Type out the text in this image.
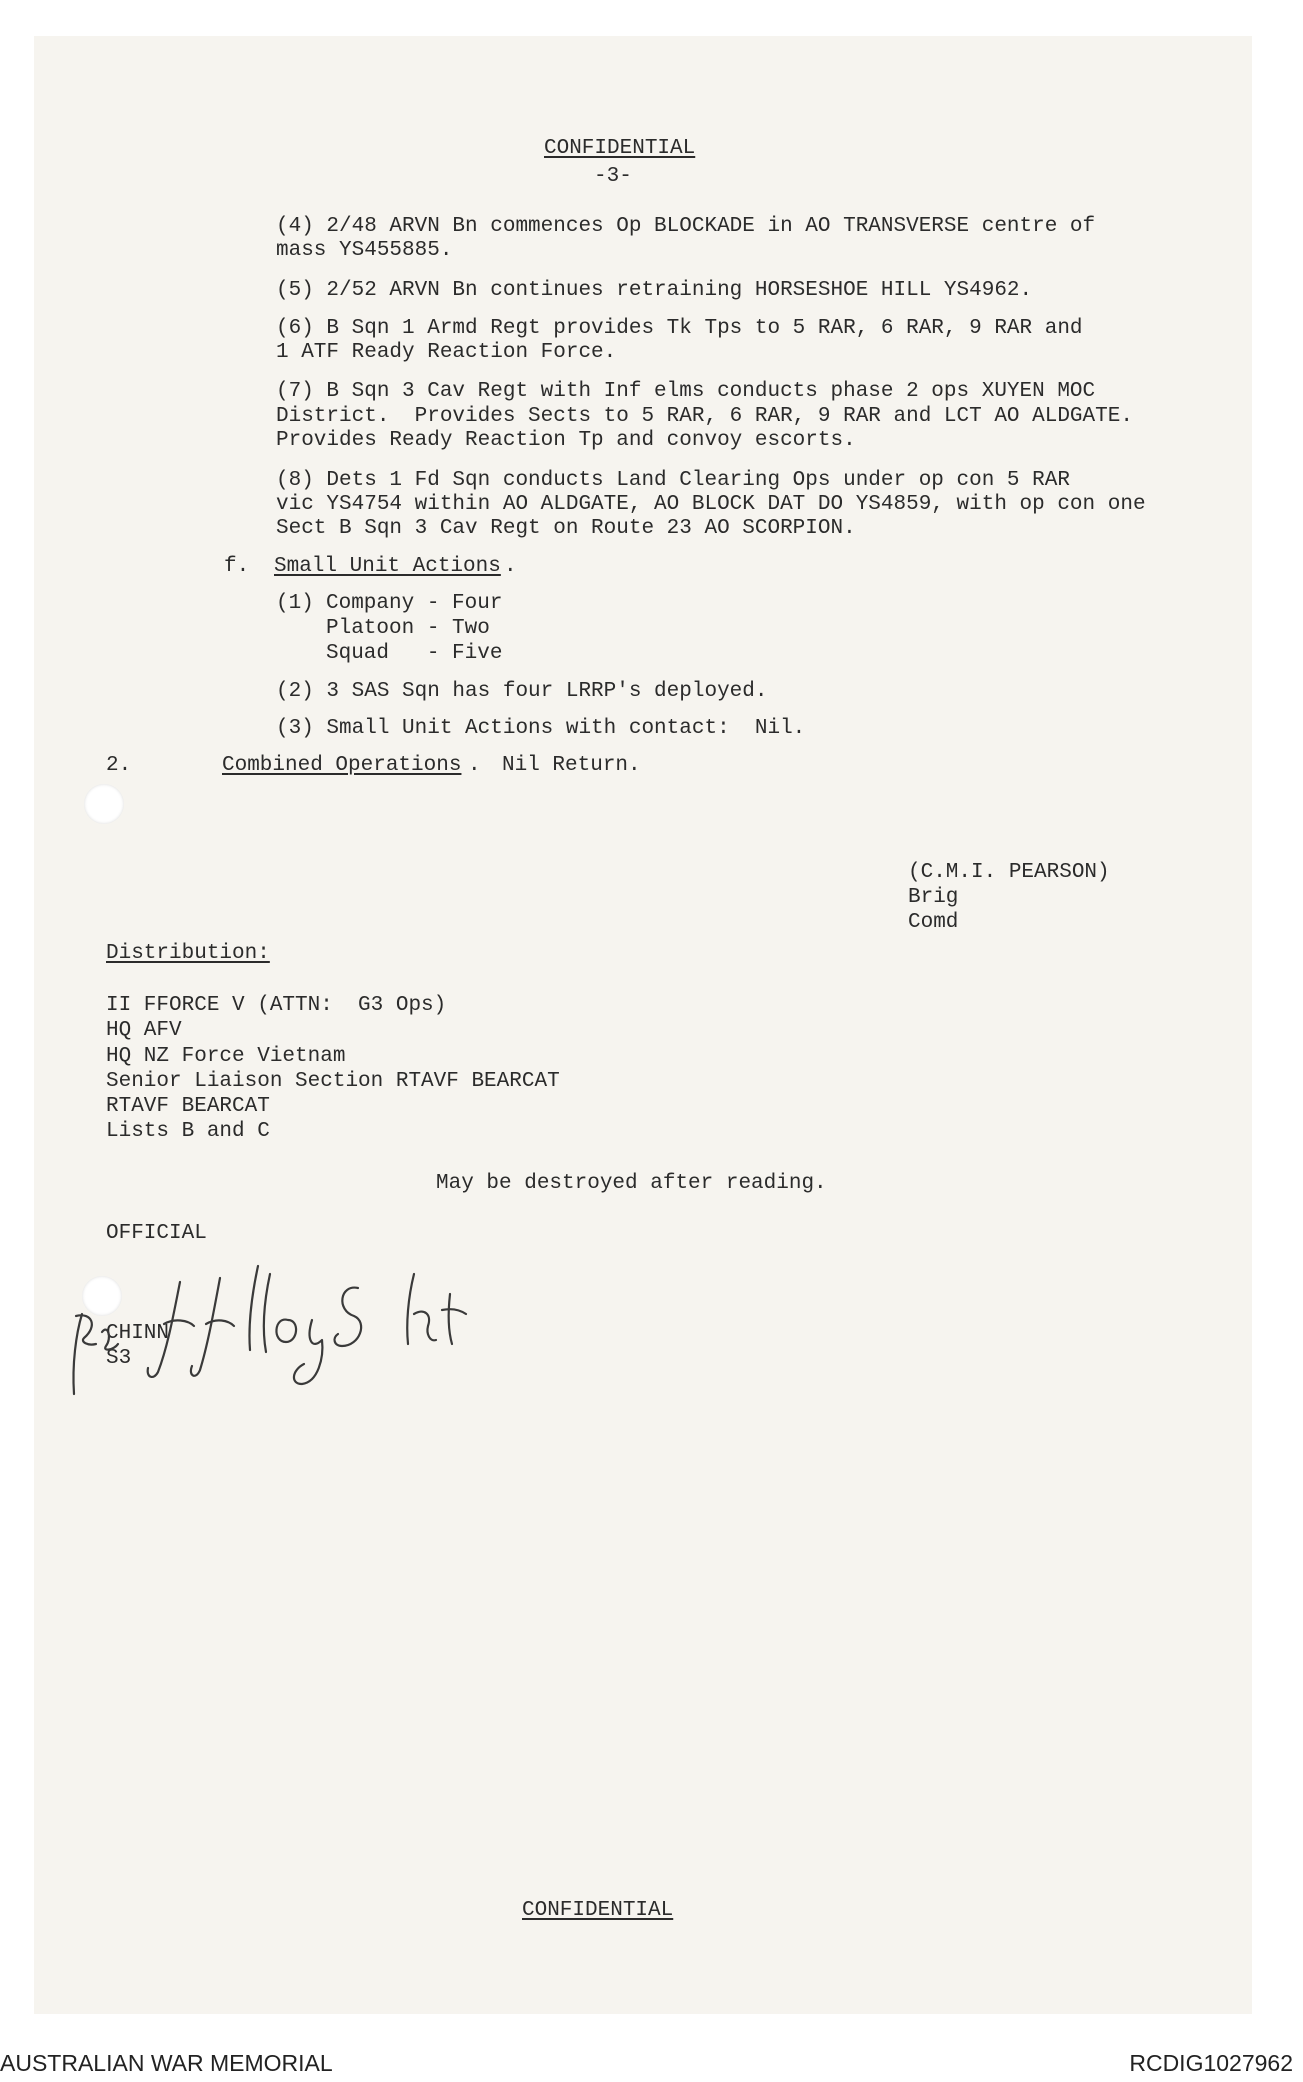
CONFIDENTIAL
-3-
(4) 2/48 ARVN Bn commences Op BLOCKADE in AO TRANSVERSE centre of
mass YS455885.
(5) 2/52 ARVN Bn continues retraining HORSESHOE HILL YS4962.
(6) B Sqn 1 Armd Regt provides Tk Tps to 5 RAR, 6 RAR, 9 RAR and
1 ATF Ready Reaction Force.
(7) B Sqn 3 Cav Regt with Inf elms conducts phase 2 ops XUYEN MOC
District.  Provides Sects to 5 RAR, 6 RAR, 9 RAR and LCT AO ALDGATE.
Provides Ready Reaction Tp and convoy escorts.
(8) Dets 1 Fd Sqn conducts Land Clearing Ops under op con 5 RAR
vic YS4754 within AO ALDGATE, AO BLOCK DAT DO YS4859, with op con one
Sect B Sqn 3 Cav Regt on Route 23 AO SCORPION.
f. Small Unit Actions .
(1) Company - Four
Platoon - Two
Squad   - Five
(2) 3 SAS Sqn has four LRRP's deployed.
(3) Small Unit Actions with contact:  Nil.
2.	Combined Operations . Nil Return.
(C.M.I. PEARSON)
Brig
Comd
Distribution:
II FFORCE V (ATTN:  G3 Ops)
HQ AFV
HQ NZ Force Vietnam
Senior Liaison Section RTAVF BEARCAT
RTAVF BEARCAT
Lists B and C
May be destroyed after reading.
OFFICIAL
CHINN
S3
CONFIDENTIAL
AUSTRALIAN WAR MEMORIAL	RCDIG1027962
